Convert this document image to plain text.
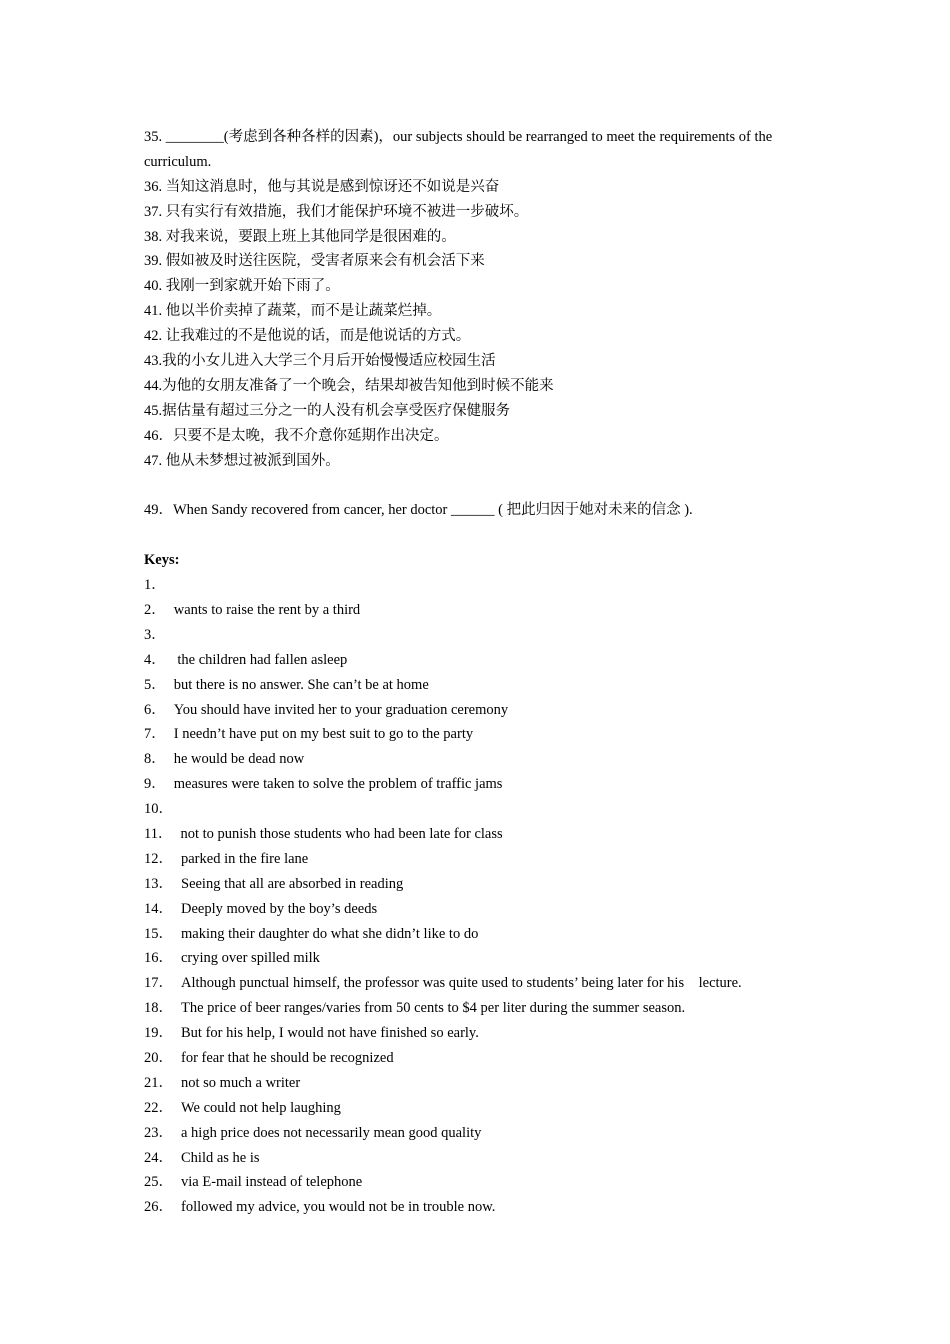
35. ________(考虑到各种各样的因素)，our subjects should be rearranged to meet the requirements of the curriculum.
36. 当知这消息时，他与其说是感到惊讶还不如说是兴奋
37. 只有实行有效措施，我们才能保护环境不被进一步破坏。
38. 对我来说，要跟上班上其他同学是很困难的。
39. 假如被及时送往医院，受害者原来会有机会活下来
40. 我刚一到家就开始下雨了。
41. 他以半价卖掉了蔬菜，而不是让蔬菜烂掉。
42. 让我难过的不是他说的话，而是他说话的方式。
43.我的小女儿进入大学三个月后开始慢慢适应校园生活
44.为他的女朋友准备了一个晚会，结果却被告知他到时候不能来
45.据估量有超过三分之一的人没有机会享受医疗保健服务
46．只要不是太晚，我不介意你延期作出决定。
47. 他从未梦想过被派到国外。
49．When Sandy recovered from cancer, her doctor ______ ( 把此归因于她对未来的信念 ).
Keys:
1．
2． wants to raise the rent by a third
3．
4． the children had fallen asleep
5． but there is no answer. She can’t be at home
6． You should have invited her to your graduation ceremony
7． I needn’t have put on my best suit to go to the party
8． he would be dead now
9． measures were taken to solve the problem of traffic jams
10．
11． not to punish those students who had been late for class
12． parked in the fire lane
13． Seeing that all are absorbed in reading
14． Deeply moved by the boy’s deeds
15． making their daughter do what she didn’t like to do
16． crying over spilled milk
17． Although punctual himself, the professor was quite used to students’ being later for his    lecture.
18． The price of beer ranges/varies from 50 cents to $4 per liter during the summer season.
19． But for his help, I would not have finished so early.
20． for fear that he should be recognized
21． not so much a writer
22． We could not help laughing
23． a high price does not necessarily mean good quality
24． Child as he is
25． via E-mail instead of telephone
26． followed my advice, you would not be in trouble now.
